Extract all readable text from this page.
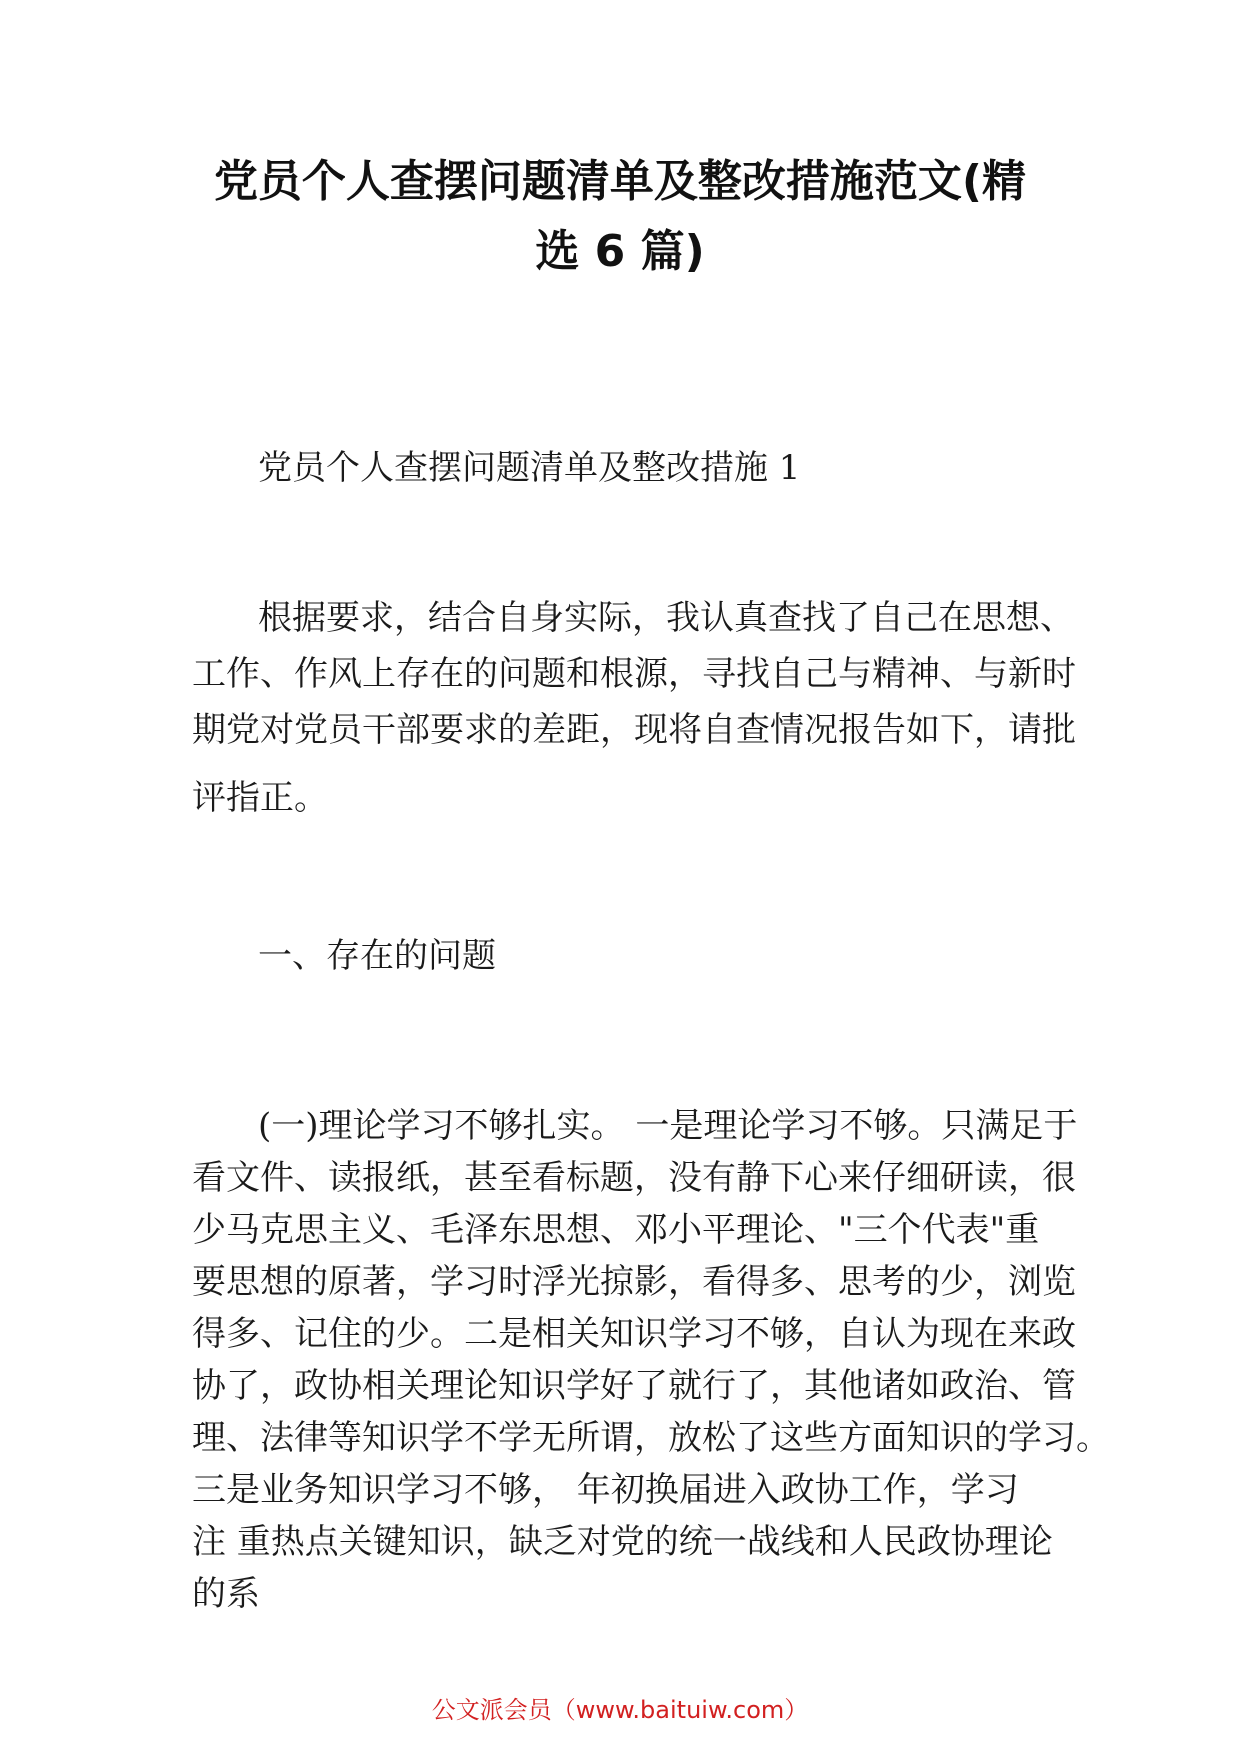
党员个人查摆问题清单及整改措施范文(精
选 6 篇)
党员个人查摆问题清单及整改措施 1
根据要求，结合自身实际，我认真查找了自己在思想、
工作、作风上存在的问题和根源，寻找自己与精神、与新时
期党对党员干部要求的差距，现将自查情况报告如下，请批
评指正。
一、存在的问题
(一)理论学习不够扎实。 一是理论学习不够。只满足于
看文件、读报纸，甚至看标题，没有静下心来仔细研读，很
少马克思主义、毛泽东思想、邓小平理论、"三个代表"重
要思想的原著，学习时浮光掠影，看得多、思考的少，浏览
得多、记住的少。二是相关知识学习不够，自认为现在来政
协了，政协相关理论知识学好了就行了，其他诸如政治、管
理、法律等知识学不学无所谓，放松了这些方面知识的学习。
三是业务知识学习不够， 年初换届进入政协工作，学习
注 重热点关键知识，缺乏对党的统一战线和人民政协理论
的系
公文派会员（www.baituiw.com）
